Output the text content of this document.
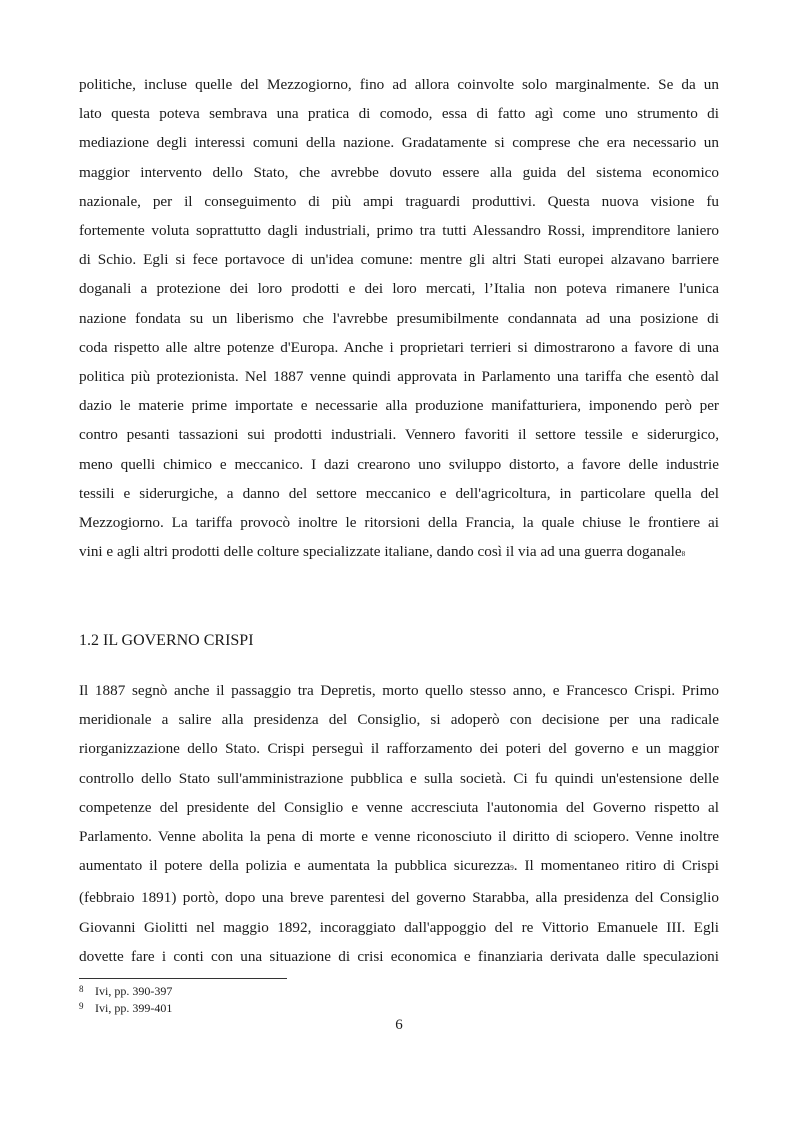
politiche, incluse quelle del Mezzogiorno, fino ad allora coinvolte solo marginalmente. Se da un
lato questa poteva sembrava una pratica di comodo, essa di fatto agì come uno strumento di
mediazione degli interessi comuni della nazione. Gradatamente si comprese che era necessario un
maggior intervento dello Stato, che avrebbe dovuto essere alla guida del sistema economico
nazionale, per il conseguimento di più ampi traguardi produttivi. Questa nuova visione fu
fortemente voluta soprattutto dagli industriali, primo tra tutti Alessandro Rossi, imprenditore laniero
di Schio. Egli si fece portavoce di un'idea comune: mentre gli altri Stati europei alzavano barriere
doganali a protezione dei loro prodotti e dei loro mercati, l’Italia non poteva rimanere l'unica
nazione fondata su un liberismo che l'avrebbe presumibilmente condannata ad una posizione di
coda rispetto alle altre potenze d'Europa. Anche i proprietari terrieri si dimostrarono a favore di una
politica più protezionista. Nel 1887 venne quindi approvata in Parlamento una tariffa che esentò dal
dazio le materie prime importate e necessarie alla produzione manifatturiera, imponendo però per
contro pesanti tassazioni sui prodotti industriali. Vennero favoriti il settore tessile e siderurgico,
meno quelli chimico e meccanico. I dazi crearono uno sviluppo distorto, a favore delle industrie
tessili e siderurgiche, a danno del settore meccanico e dell'agricoltura, in particolare quella del
Mezzogiorno. La tariffa provocò inoltre le ritorsioni della Francia, la quale chiuse le frontiere ai
vini e agli altri prodotti delle colture specializzate italiane, dando così il via ad una guerra doganale8

1.2 IL GOVERNO CRISPI

Il 1887 segnò anche il passaggio tra Depretis, morto quello stesso anno, e Francesco Crispi. Primo
meridionale a salire alla presidenza del Consiglio, si adoperò con decisione per una radicale
riorganizzazione dello Stato. Crispi perseguì il rafforzamento dei poteri del governo e un maggior
controllo dello Stato sull'amministrazione pubblica e sulla società. Ci fu quindi un'estensione delle
competenze del presidente del Consiglio e venne accresciuta l'autonomia del Governo rispetto al
Parlamento. Venne abolita la pena di morte e venne riconosciuto il diritto di sciopero. Venne inoltre
aumentato il potere della polizia e aumentata la pubblica sicurezza9. Il momentaneo ritiro di Crispi
(febbraio 1891) portò, dopo una breve parentesi del governo Starabba, alla presidenza del Consiglio
Giovanni Giolitti nel maggio 1892, incoraggiato dall'appoggio del re Vittorio Emanuele III. Egli
dovette fare i conti con una situazione di crisi economica e finanziaria derivata dalle speculazioni

8 Ivi, pp. 390-397
9 Ivi, pp. 399-401
6
